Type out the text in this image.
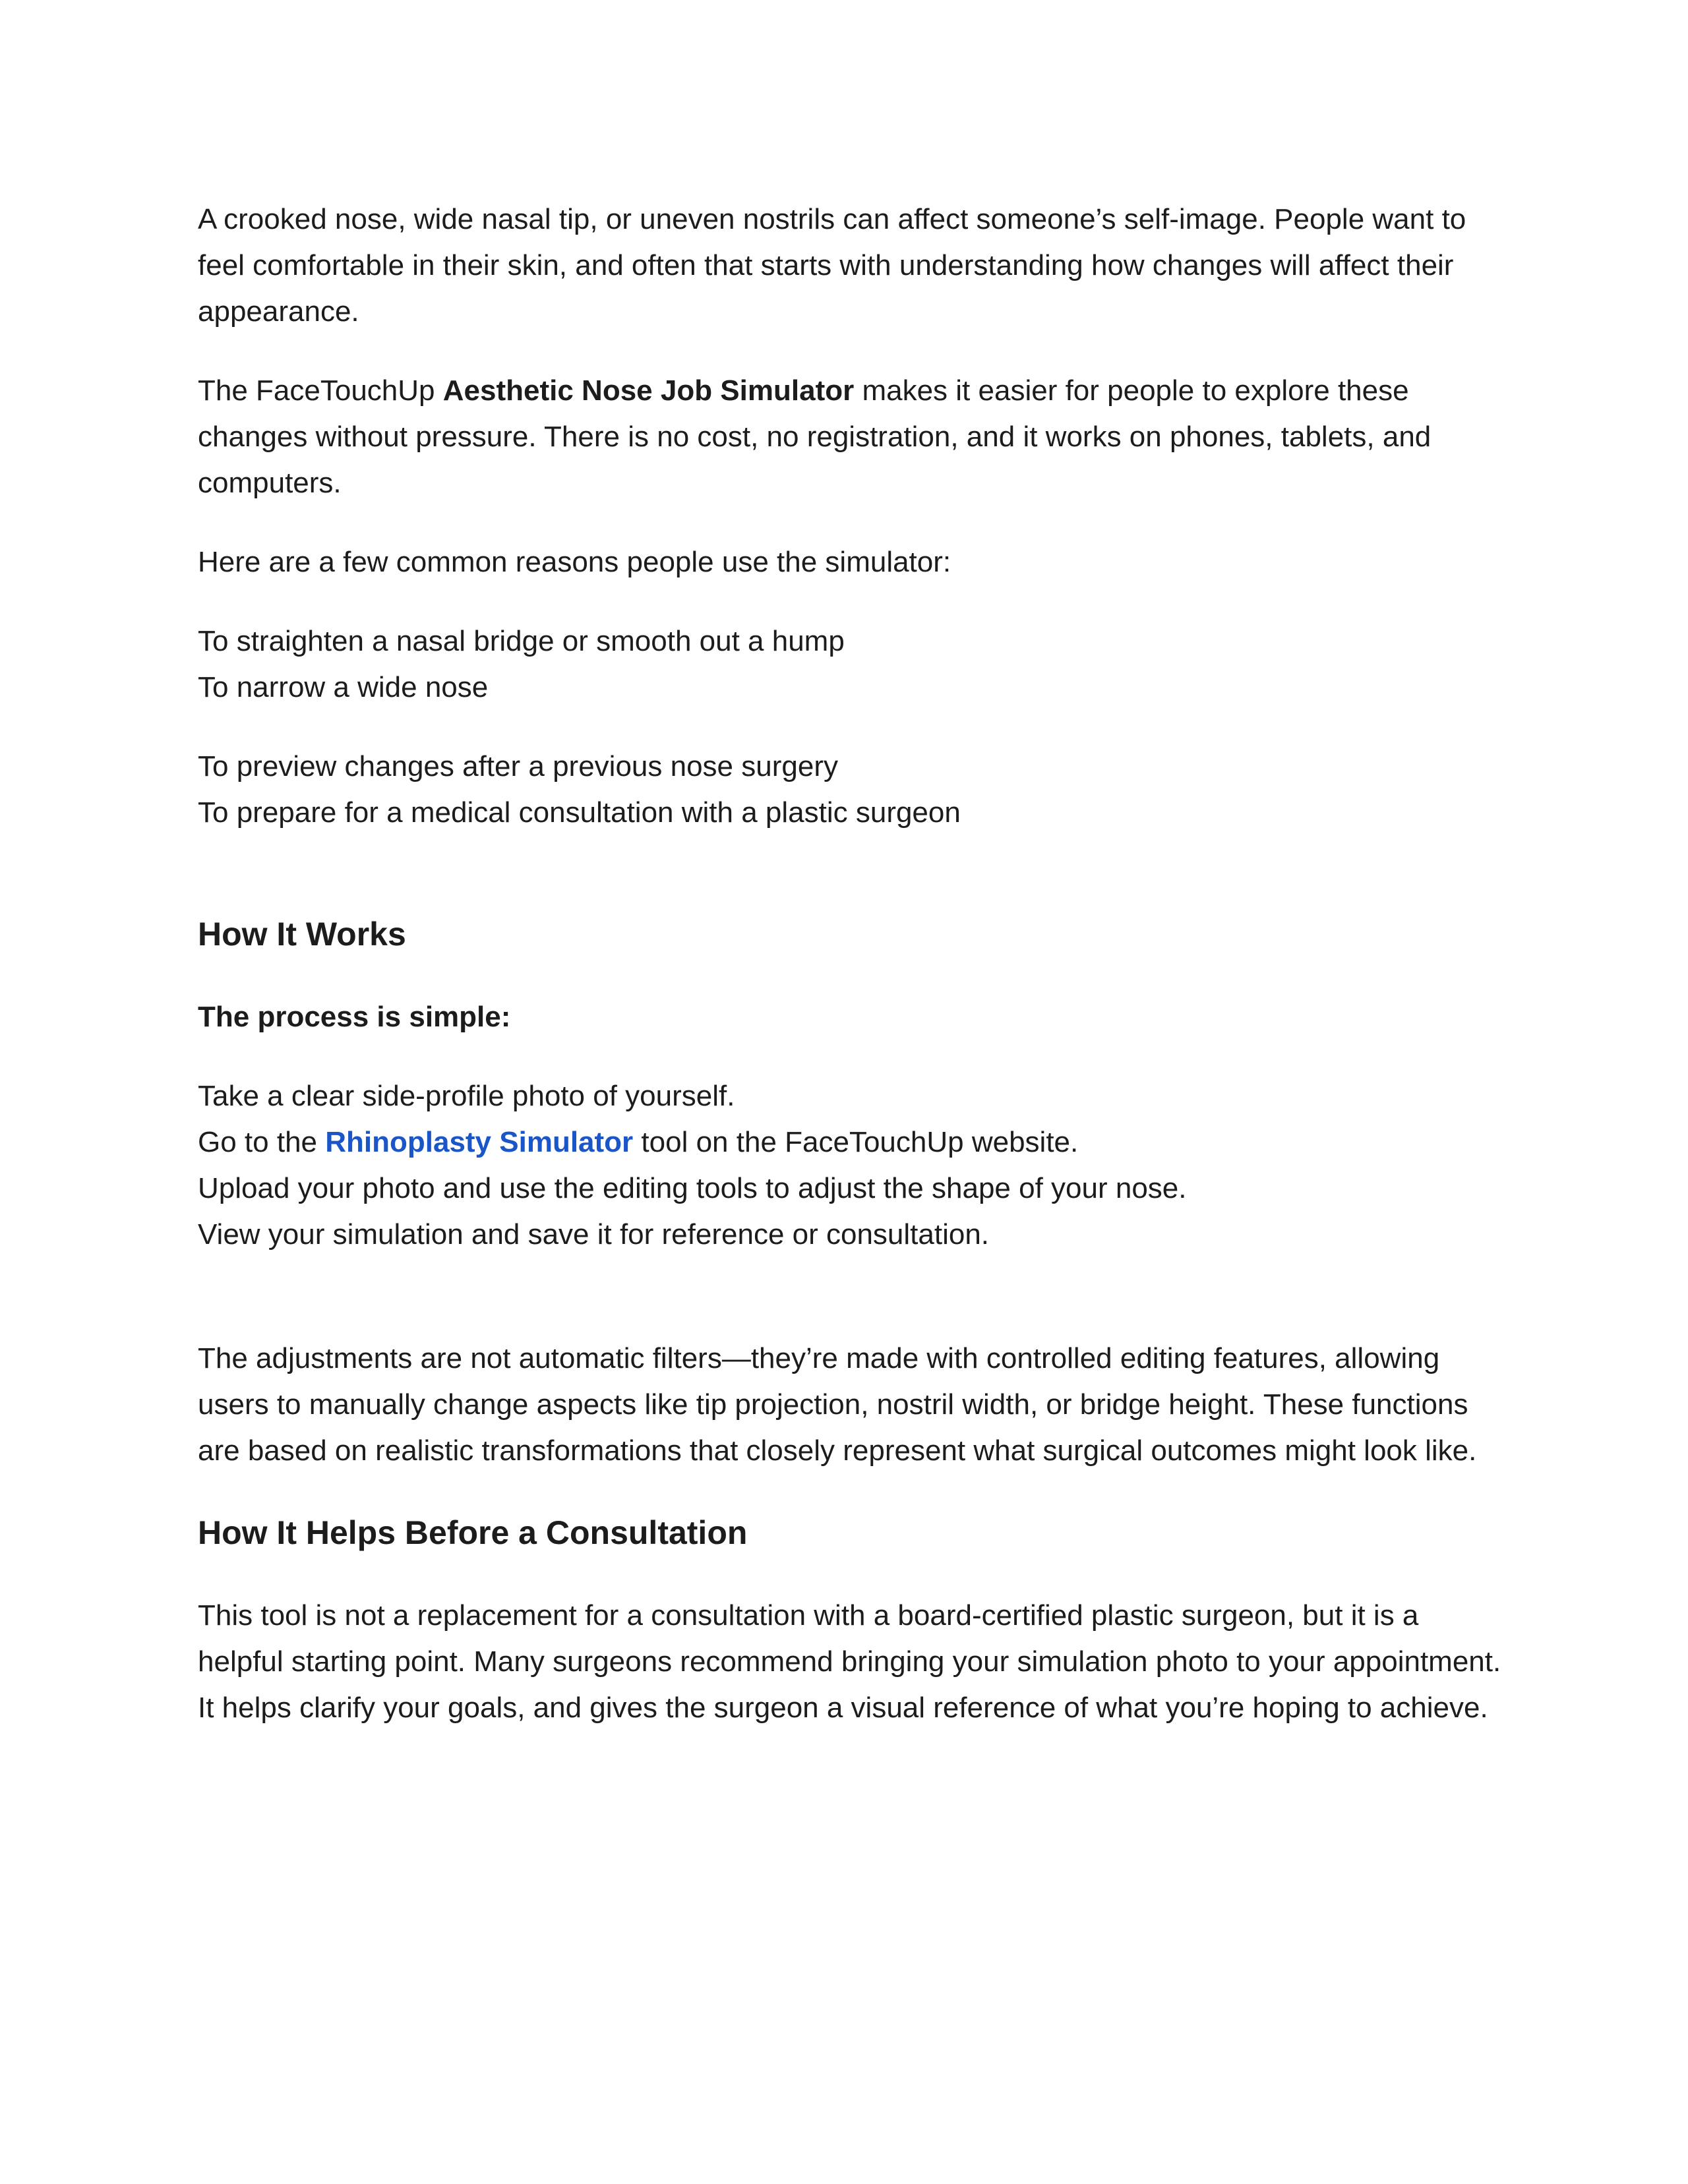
A crooked nose, wide nasal tip, or uneven nostrils can affect someone’s self-image. People want to feel comfortable in their skin, and often that starts with understanding how changes will affect their appearance.

The FaceTouchUp Aesthetic Nose Job Simulator makes it easier for people to explore these changes without pressure. There is no cost, no registration, and it works on phones, tablets, and computers.

Here are a few common reasons people use the simulator:

To straighten a nasal bridge or smooth out a hump

To narrow a wide nose

To preview changes after a previous nose surgery

To prepare for a medical consultation with a plastic surgeon

How It Works

The process is simple:

Take a clear side-profile photo of yourself.

Go to the Rhinoplasty Simulator tool on the FaceTouchUp website.

Upload your photo and use the editing tools to adjust the shape of your nose.

View your simulation and save it for reference or consultation.

The adjustments are not automatic filters—they’re made with controlled editing features, allowing users to manually change aspects like tip projection, nostril width, or bridge height. These functions are based on realistic transformations that closely represent what surgical outcomes might look like.

How It Helps Before a Consultation

This tool is not a replacement for a consultation with a board-certified plastic surgeon, but it is a helpful starting point. Many surgeons recommend bringing your simulation photo to your appointment. It helps clarify your goals, and gives the surgeon a visual reference of what you’re hoping to achieve.
